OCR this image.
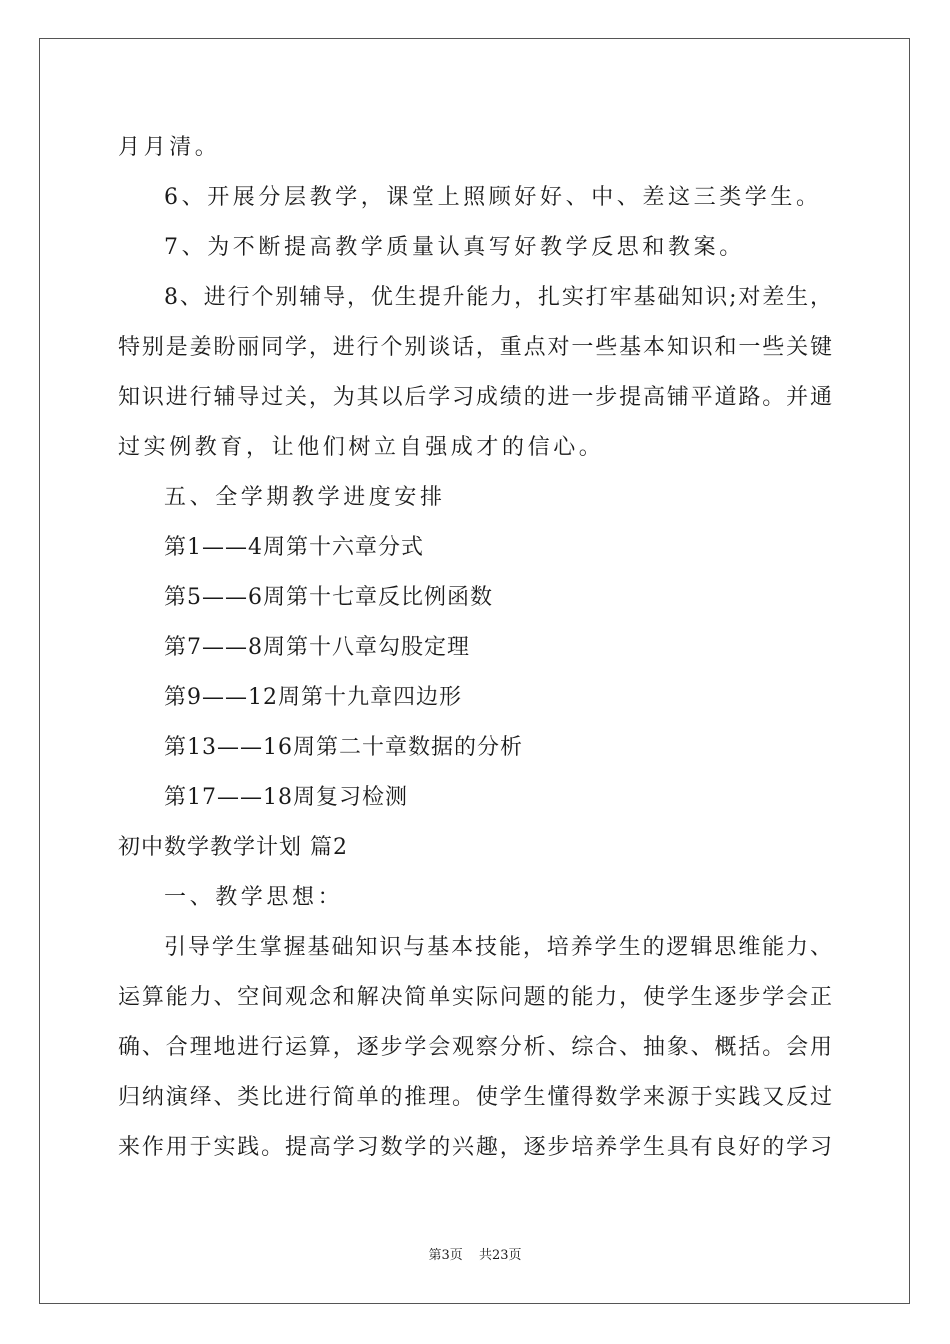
月月清。
6、开展分层教学，课堂上照顾好好、中、差这三类学生。
7、为不断提高教学质量认真写好教学反思和教案。
8、进行个别辅导，优生提升能力，扎实打牢基础知识;对差生，
特别是姜盼丽同学，进行个别谈话，重点对一些基本知识和一些关键
知识进行辅导过关，为其以后学习成绩的进一步提高铺平道路。并通
过实例教育，让他们树立自强成才的信心。
五、全学期教学进度安排
第1——4周第十六章分式
第5——6周第十七章反比例函数
第7——8周第十八章勾股定理
第9——12周第十九章四边形
第13——16周第二十章数据的分析
第17——18周复习检测
初中数学教学计划 篇2
一、教学思想：
引导学生掌握基础知识与基本技能，培养学生的逻辑思维能力、
运算能力、空间观念和解决简单实际问题的能力，使学生逐步学会正
确、合理地进行运算，逐步学会观察分析、综合、抽象、概括。会用
归纳演绎、类比进行简单的推理。使学生懂得数学来源于实践又反过
来作用于实践。提高学习数学的兴趣，逐步培养学生具有良好的学习
第3页 共23页
